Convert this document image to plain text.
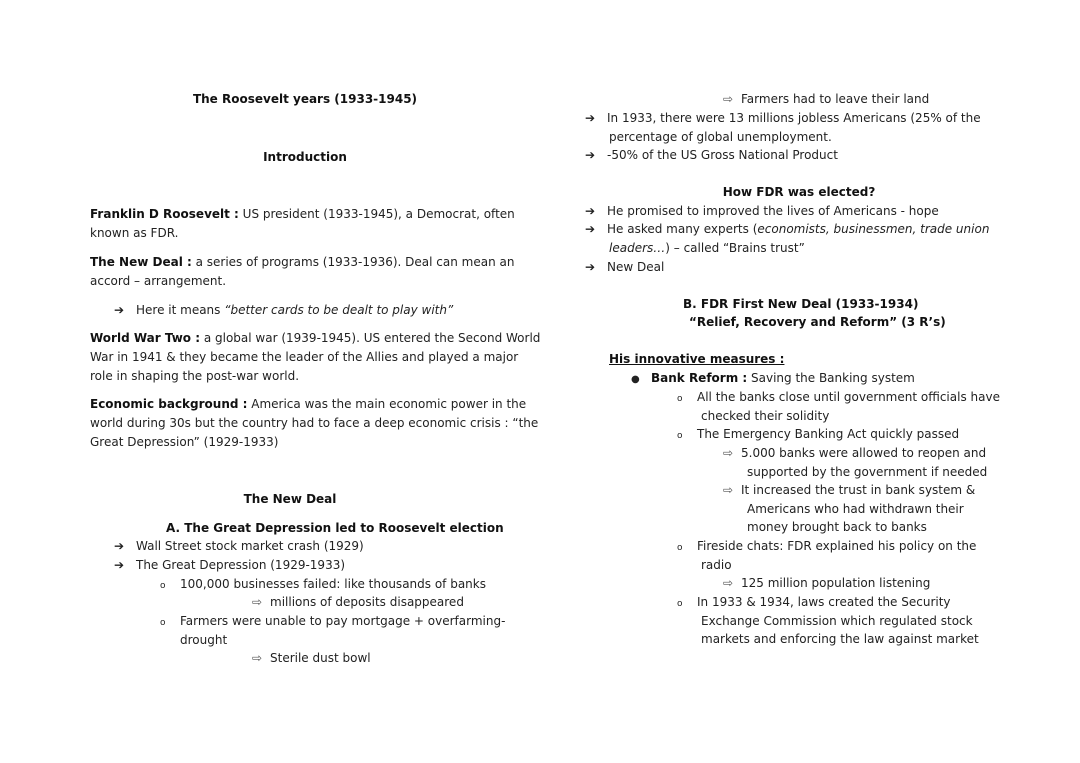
The Roosevelt years (1933-1945)
Introduction
Franklin D Roosevelt : US president (1933-1945), a Democrat, often
known as FDR.
The New Deal : a series of programs (1933-1936). Deal can mean an
accord – arrangement.
➔ Here it means “better cards to be dealt to play with”
World War Two : a global war (1939-1945). US entered the Second World
War in 1941 & they became the leader of the Allies and played a major
role in shaping the post-war world.
Economic background : America was the main economic power in the
world during 30s but the country had to face a deep economic crisis : “the
Great Depression” (1929-1933)
The New Deal
A. The Great Depression led to Roosevelt election
➔ Wall Street stock market crash (1929)
➔ The Great Depression (1929-1933)
o 100,000 businesses failed: like thousands of banks
⇨ millions of deposits disappeared
o Farmers were unable to pay mortgage + overfarming-
drought
⇨ Sterile dust bowl
⇨ Farmers had to leave their land
➔ In 1933, there were 13 millions jobless Americans (25% of the
percentage of global unemployment.
➔ -50% of the US Gross National Product
How FDR was elected?
➔ He promised to improved the lives of Americans - hope
➔ He asked many experts (economists, businessmen, trade union
leaders…) – called “Brains trust”
➔ New Deal
B. FDR First New Deal (1933-1934)
“Relief, Recovery and Reform” (3 R’s)
His innovative measures :
● Bank Reform : Saving the Banking system
o All the banks close until government officials have
checked their solidity
o The Emergency Banking Act quickly passed
⇨ 5.000 banks were allowed to reopen and
supported by the government if needed
⇨ It increased the trust in bank system &
Americans who had withdrawn their
money brought back to banks
o Fireside chats: FDR explained his policy on the
radio
⇨ 125 million population listening
o In 1933 & 1934, laws created the Security
Exchange Commission which regulated stock
markets and enforcing the law against market
